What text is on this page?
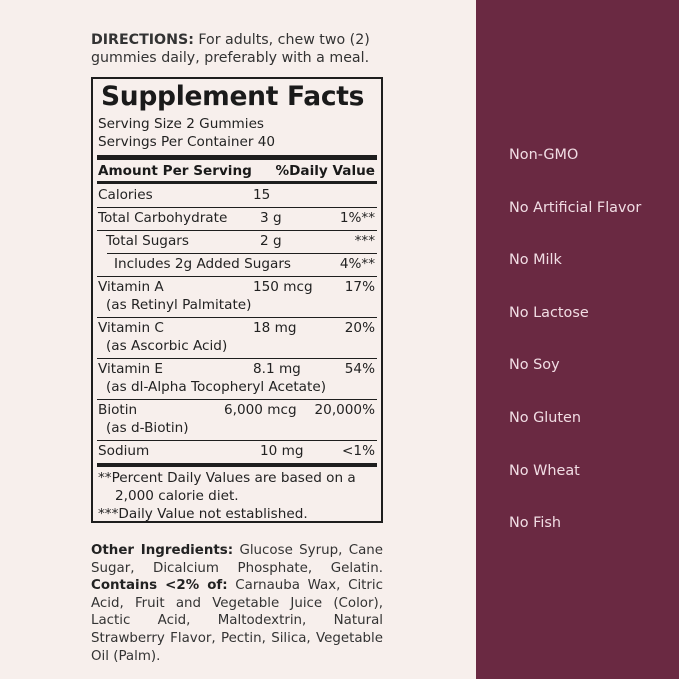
DIRECTIONS: For adults, chew two (2) gummies daily, preferably with a meal.
Supplement Facts
Serving Size 2 Gummies
Servings Per Container 40
Amount Per Serving %Daily Value
Calories	15
Total Carbohydrate 3 g	1%**
Total Sugars	2 g	***
Includes 2g Added Sugars	4%**
Vitamin A	150 mcg 17%
(as Retinyl Palmitate)
Vitamin C	18 mg	20%
(as Ascorbic Acid)
Vitamin E	8.1 mg	54%
(as dl-Alpha Tocopheryl Acetate)
Biotin	6,000 mcg 20,000%
(as d-Biotin)
Sodium	10 mg	<1%
**Percent Daily Values are based on a
2,000 calorie diet.
***Daily Value not established.
Other Ingredients: Glucose Syrup, Cane Sugar, Dicalcium Phosphate, Gelatin. Contains <2% of: Carnauba Wax, Citric Acid, Fruit and Vegetable Juice (Color), Lactic Acid, Maltodextrin, Natural Strawberry Flavor, Pectin, Silica, Vegetable Oil (Palm).
Non-GMO
No Artificial Flavor
No Milk
No Lactose
No Soy
No Gluten
No Wheat
No Fish
